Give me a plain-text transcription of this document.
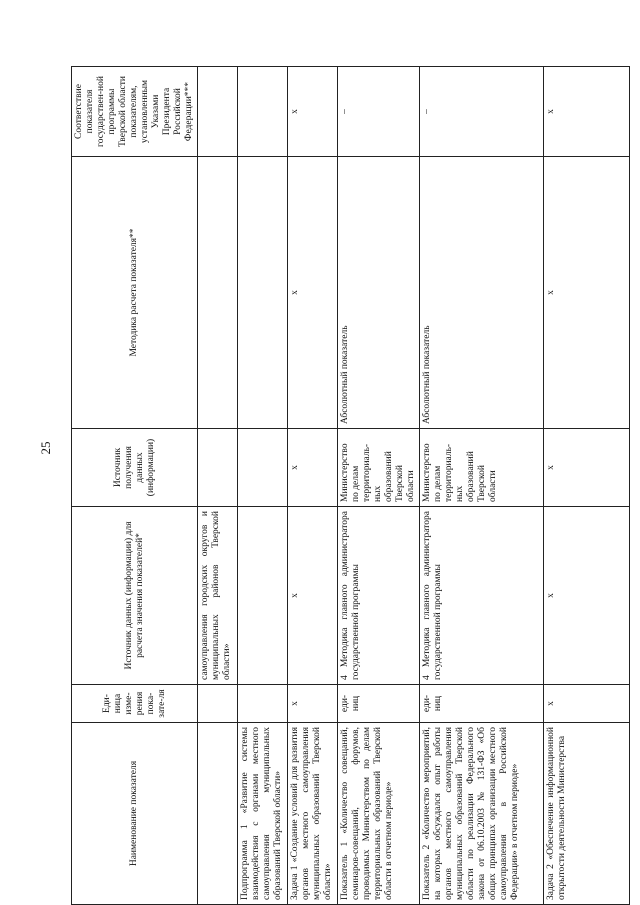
25
Наименование показателя	Еди-ница изме-рения пока-зате-ля	Источник данных (информации) для расчета значения показателей*	Источник получения данных (информации)	Методика расчета показателя**	Соответствие показателя государствен-ной программы Тверской области показателям, установленным Указами Президента Российской Федерации***
		самоуправления городских округов и муниципальных районов Тверской области»			
Подпрограмма 1 «Развитие системы взаимодействия с органами местного самоуправления муниципальных образований Тверской области»					
Задача 1 «Создание условий для развития органов местного самоуправления муниципальных образований Тверской области»	х	х	х	х	х
Показатель 1 «Количество совещаний, семинаров-совещаний, форумов, проводимых Министерством по делам территориальных образований Тверской области в отчетном периоде»	еди-ниц	4 Методика главного администратора государственной программы	Министерство по делам территориаль-ных образований Тверской области	Абсолютный показатель	–
Показатель 2 «Количество мероприятий, на которых обсуждался опыт работы органов местного самоуправления муниципальных образований Тверской области по реализации Федерального закона от 06.10.2003 № 131-ФЗ «Об общих принципах организации местного самоуправления в Российской Федерации» в отчетном периоде»	еди-ниц	4 Методика главного администратора государственной программы	Министерство по делам территориаль-ных образований Тверской области	Абсолютный показатель	–
Задача 2 «Обеспечение информационной открытости деятельности Министерства	х	х	х	х	х
